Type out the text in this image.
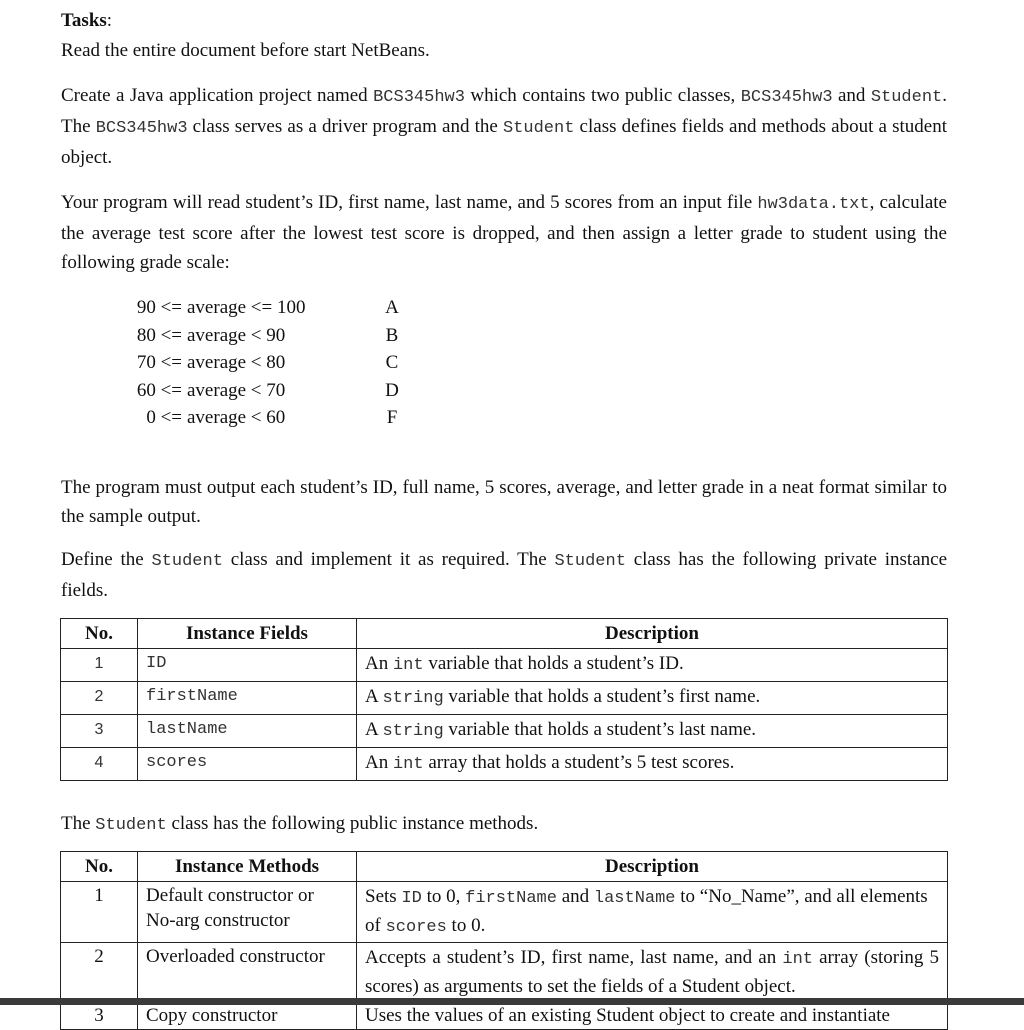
Tasks:

Read the entire document before start NetBeans.

Create a Java application project named BCS345hw3 which contains two public classes, BCS345hw3 and Student. The BCS345hw3 class serves as a driver program and the Student class defines fields and methods about a student object.

Your program will read student’s ID, first name, last name, and 5 scores from an input file hw3data.txt, calculate the average test score after the lowest test score is dropped, and then assign a letter grade to student using the following grade scale:

90 <=	average <= 100	A
80 <=	average < 90	B
70 <=	average < 80	C
60 <=	average < 70	D
0 <=	average < 60	F

The program must output each student’s ID, full name, 5 scores, average, and letter grade in a neat format similar to the sample output.

Define the Student class and implement it as required. The Student class has the following private instance fields.

No.	Instance Fields	Description
1	ID	An int variable that holds a student’s ID.
2	firstName	A string variable that holds a student’s first name.
3	lastName	A string variable that holds a student’s last name.
4	scores	An int array that holds a student’s 5 test scores.

The Student class has the following public instance methods.

No.	Instance Methods	Description
1	Default constructor or No-arg constructor	Sets ID to 0, firstName and lastName to “No_Name”, and all elements of scores to 0.
2	Overloaded constructor	Accepts a student’s ID, first name, last name, and an int array (storing 5 scores) as arguments to set the fields of a Student object.
3	Copy constructor	Uses the values of an existing Student object to create and instantiate
